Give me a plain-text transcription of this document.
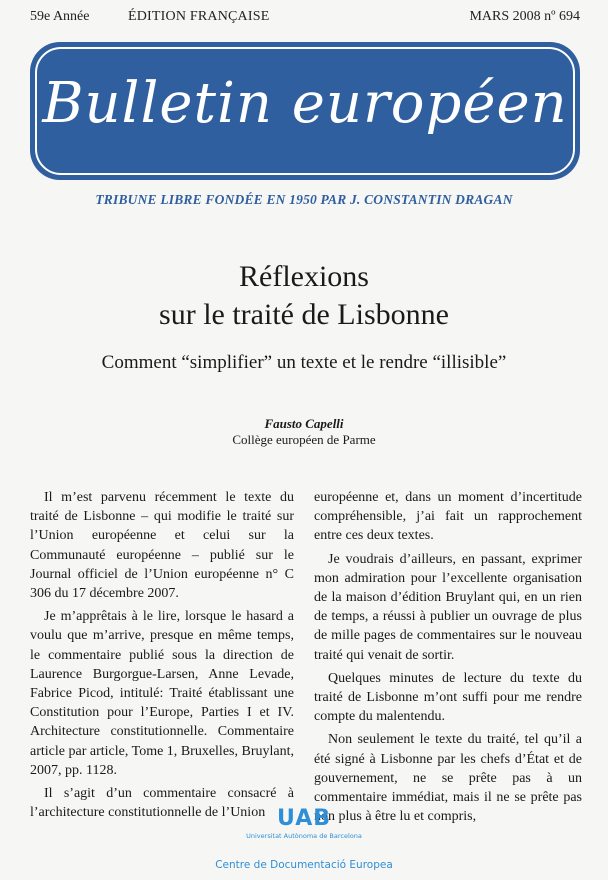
59e Année	ÉDITION FRANÇAISE	MARS 2008 nº 694
Bulletin européen
TRIBUNE LIBRE FONDÉE EN 1950 PAR J. CONSTANTIN DRAGAN
Réflexions
sur le traité de Lisbonne
Comment “simplifier” un texte et le rendre “illisible”
Fausto Capelli
Collège européen de Parme

Il m’est parvenu récemment le texte du traité de Lisbonne – qui modifie le traité sur l’Union européenne et celui sur la Communauté européenne – publié sur le Journal officiel de l’Union européenne n° C 306 du 17 décembre 2007.

Je m’apprêtais à le lire, lorsque le hasard a voulu que m’arrive, presque en même temps, le commentaire publié sous la direction de Laurence Burgorgue-Larsen, Anne Levade, Fabrice Picod, intitulé: Traité établissant une Constitution pour l’Europe, Parties I et IV. Architecture constitutionnelle. Commentaire article par article, Tome 1, Bruxelles, Bruylant, 2007, pp. 1128.

Il s’agit d’un commentaire consacré à l’architecture constitutionnelle de l’Union

européenne et, dans un moment d’incertitude compréhensible, j’ai fait un rapprochement entre ces deux textes.

Je voudrais d’ailleurs, en passant, exprimer mon admiration pour l’excellente organisation de la maison d’édition Bruylant qui, en un rien de temps, a réussi à publier un ouvrage de plus de mille pages de commentaires sur le nouveau traité qui venait de sortir.

Quelques minutes de lecture du texte du traité de Lisbonne m’ont suffi pour me rendre compte du malentendu.

Non seulement le texte du traité, tel qu’il a été signé à Lisbonne par les chefs d’État et de gouvernement, ne se prête pas à un commentaire immédiat, mais il ne se prête pas non plus à être lu et compris,

UAB
Universitat Autònoma de Barcelona
Centre de Documentació Europea
